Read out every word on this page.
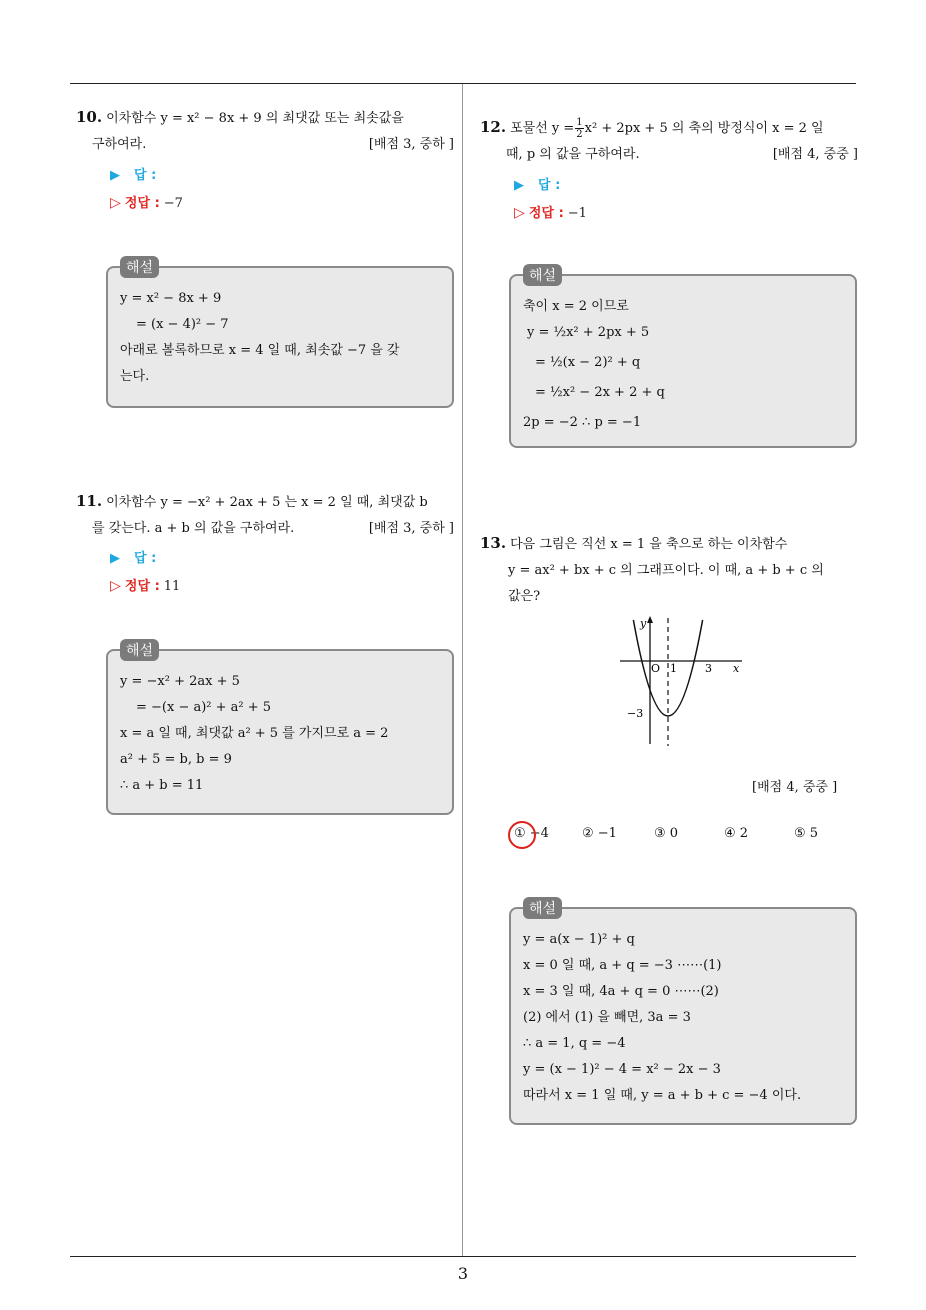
10. 이차함수 y = x² − 8x + 9 의 최댓값 또는 최솟값을
구하여라.	[배점 3, 중하 ]
▶ 답 :
▷ 정답 : −7
해설
y = x² − 8x + 9
= (x − 4)² − 7
아래로 볼록하므로 x = 4 일 때, 최솟값 −7 을 갖
는다.
11. 이차함수 y = −x² + 2ax + 5 는 x = 2 일 때, 최댓값 b
를 갖는다. a + b 의 값을 구하여라.	[배점 3, 중하 ]
▶ 답 :
▷ 정답 : 11
해설
y = −x² + 2ax + 5
= −(x − a)² + a² + 5
x = a 일 때, 최댓값 a² + 5 를 가지므로 a = 2
a² + 5 = b, b = 9
∴ a + b = 11
12. 포물선 $y = \frac{1}{2} x^2 + 2px + 5$ 의 축의 방정식이 x = 2 일
때, p 의 값을 구하여라.	[배점 4, 중중 ]
▶ 답 :
▷ 정답 : −1
해설
축이 x = 2 이므로
y = ½x² + 2px + 5
= ½(x − 2)² + q
= ½x² − 2x + 2 + q
2p = −2 ∴ p = −1
13. 다음 그림은 직선 x = 1 을 축으로 하는 이차함수
y = ax² + bx + c 의 그래프이다. 이 때, a + b + c 의
값은?
y
x
O 1	3
−3
[배점 4, 중중 ]
① −4	② −1	③ 0	④ 2	⑤ 5
해설
y = a(x − 1)² + q
x = 0 일 때, a + q = −3 ⋯⋯(1)
x = 3 일 때, 4a + q = 0 ⋯⋯(2)
(2) 에서 (1) 을 빼면, 3a = 3
∴ a = 1, q = −4
y = (x − 1)² − 4 = x² − 2x − 3
따라서 x = 1 일 때, y = a + b + c = −4 이다.
3
